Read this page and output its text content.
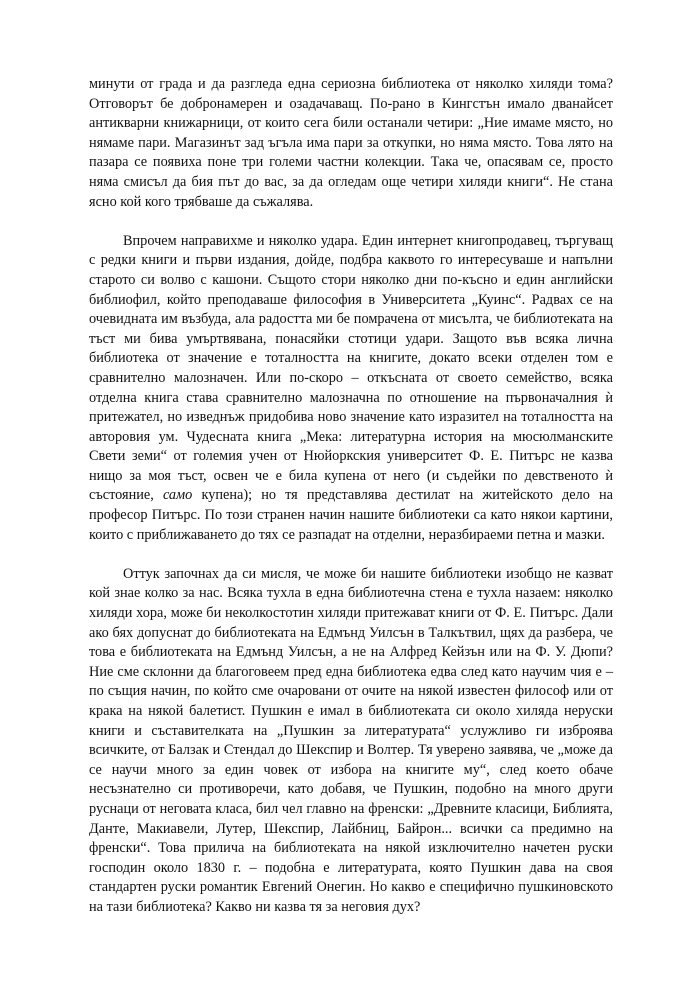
минути от града и да разгледа една сериозна библиотека от няколко хиляди тома? Отговорът бе добронамерен и озадачаващ. По-рано в Кингстън имало дванайсет антикварни книжарници, от които сега били останали четири: „Ние имаме място, но нямаме пари. Магазинът зад ъгъла има пари за откупки, но няма място. Това лято на пазара се появиха поне три големи частни колекции. Така че, опасявам се, просто няма смисъл да бия път до вас, за да огледам още четири хиляди книги“. Не стана ясно кой кого трябваше да съжалява.

Впрочем направихме и няколко удара. Един интернет книгопродавец, търгуващ с редки книги и първи издания, дойде, подбра каквото го интересуваше и напълни старото си волво с кашони. Същото стори няколко дни по-късно и един английски библиофил, който преподаваше философия в Университета „Куинс“. Радвах се на очевидната им възбуда, ала радостта ми бе помрачена от мисълта, че библиотеката на тъст ми бива умъртвявана, понасяйки стотици удари. Защото във всяка лична библиотека от значение е тоталността на книгите, докато всеки отделен том е сравнително малозначен. Или по-скоро – откъсната от своето семейство, всяка отделна книга става сравнително малозначна по отношение на първоначалния ѝ притежател, но изведнъж придобива ново значение като изразител на тоталността на авторовия ум. Чудесната книга „Мека: литературна история на мюсюлманските Свети земи“ от големия учен от Нюйоркския университет Ф. Е. Питърс не казва нищо за моя тъст, освен че е била купена от него (и съдейки по девственото ѝ състояние, само купена); но тя представлява дестилат на житейското дело на професор Питърс. По този странен начин нашите библиотеки са като някои картини, които с приближаването до тях се разпадат на отделни, неразбираеми петна и мазки.

Оттук започнах да си мисля, че може би нашите библиотеки изобщо не казват кой знае колко за нас. Всяка тухла в една библиотечна стена е тухла назаем: няколко хиляди хора, може би неколкостотин хиляди притежават книги от Ф. Е. Питърс. Дали ако бях допуснат до библиотеката на Едмънд Уилсън в Талкътвил, щях да разбера, че това е библиотеката на Едмънд Уилсън, а не на Алфред Кейзън или на Ф. У. Дюпи? Ние сме склонни да благоговеем пред една библиотека едва след като научим чия е – по същия начин, по който сме очаровани от очите на някой известен философ или от крака на някой балетист. Пушкин е имал в библиотеката си около хиляда неруски книги и съставителката на „Пушкин за литературата“ услужливо ги изброява всичките, от Балзак и Стендал до Шекспир и Волтер. Тя уверено заявява, че „може да се научи много за един човек от избора на книгите му“, след което обаче несъзнателно си противоречи, като добавя, че Пушкин, подобно на много други руснаци от неговата класа, бил чел главно на френски: „Древните класици, Библията, Данте, Макиавели, Лутер, Шекспир, Лайбниц, Байрон... всички са предимно на френски“. Това прилича на библиотеката на някой изключително начетен руски господин около 1830 г. – подобна е литературата, която Пушкин дава на своя стандартен руски романтик Евгений Онегин. Но какво е специфично пушкиновското на тази библиотека? Какво ни казва тя за неговия дух?
